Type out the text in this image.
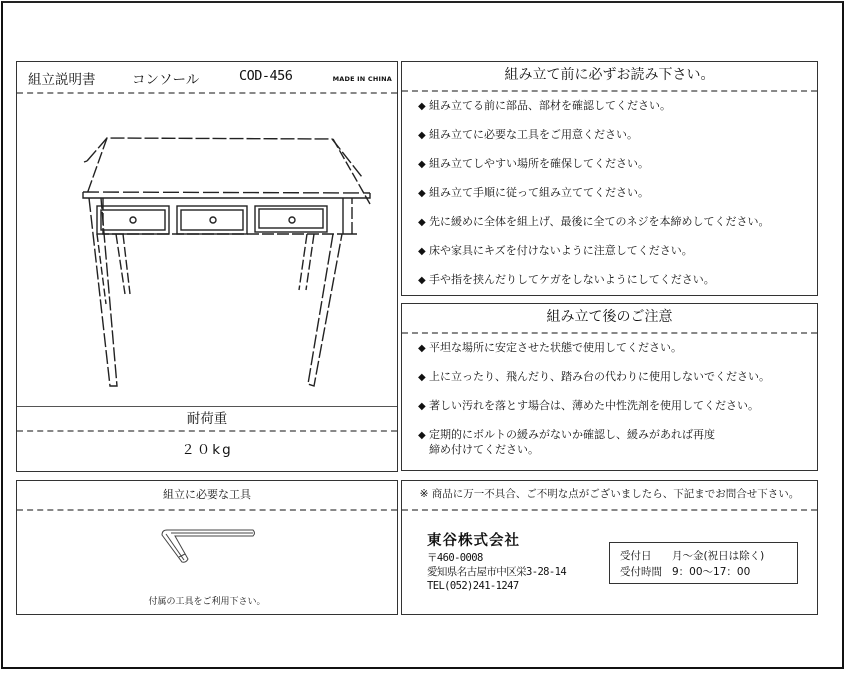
組立説明書	コンソール	COD-456	MADE IN CHINA
耐荷重
２０kg
組み立て前に必ずお読み下さい。
◆ 組み立てる前に部品、部材を確認してください。
◆ 組み立てに必要な工具をご用意ください。
◆ 組み立てしやすい場所を確保してください。
◆ 組み立て手順に従って組み立ててください。
◆ 先に緩めに全体を組上げ、最後に全てのネジを本締めしてください。
◆ 床や家具にキズを付けないように注意してください。
◆ 手や指を挟んだりしてケガをしないようにしてください。
組み立て後のご注意
◆ 平坦な場所に安定させた状態で使用してください。
◆ 上に立ったり、飛んだり、踏み台の代わりに使用しないでください。
◆ 著しい汚れを落とす場合は、薄めた中性洗剤を使用してください。
◆ 定期的にボルトの緩みがないか確認し、緩みがあれば再度
締め付けてください。
組立に必要な工具
付属の工具をご利用下さい。
※ 商品に万一不具合、ご不明な点がございましたら、下記までお問合せ下さい。
東谷株式会社
〒460-0008
愛知県名古屋市中区栄3-28-14
TEL(052)241-1247
受付日 月～金(祝日は除く)
受付時間 9：00～17：00
